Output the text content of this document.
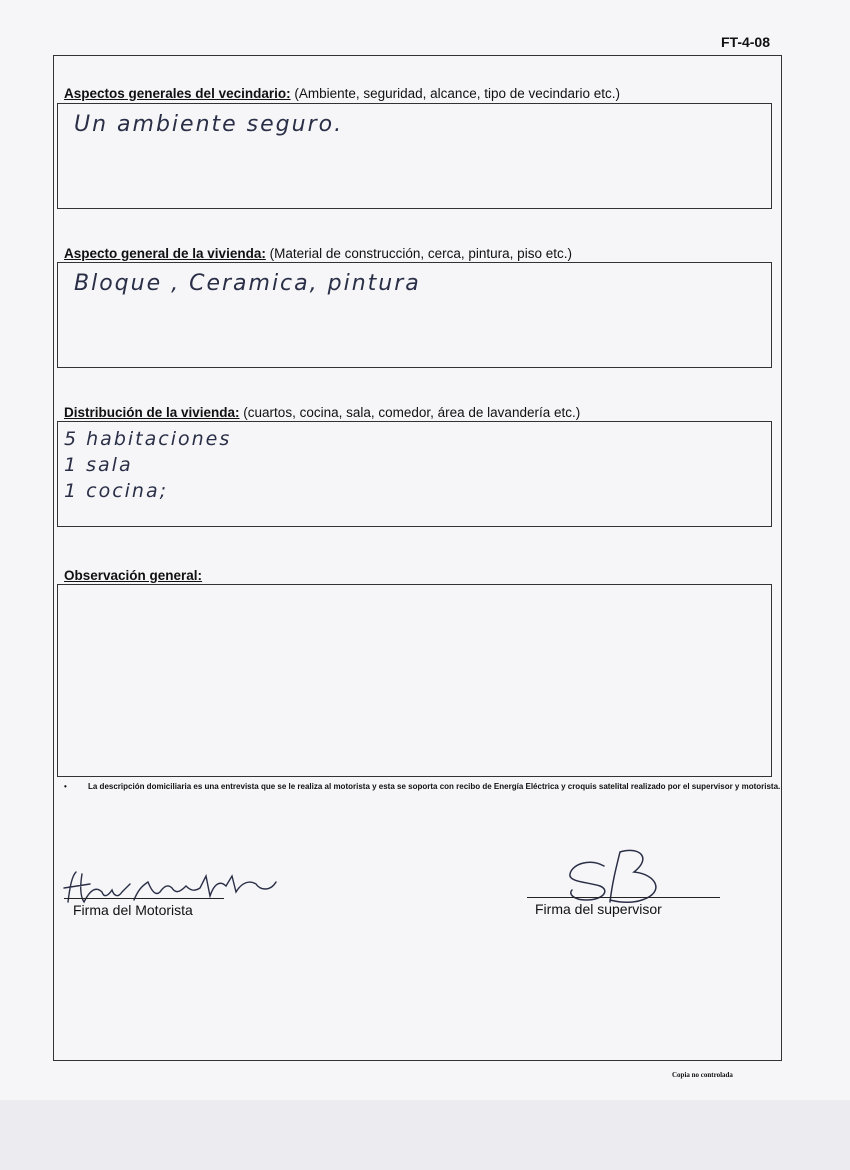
FT-4-08
Aspectos generales del vecindario: (Ambiente, seguridad, alcance, tipo de vecindario etc.)
Un ambiente seguro.
Aspecto general de la vivienda: (Material de construcción, cerca, pintura, piso etc.)
Bloque , Ceramica, pintura
Distribución de la vivienda: (cuartos, cocina, sala, comedor, área de lavandería etc.)
5 habitaciones
1 sala
1 cocina;
Observación general:
•	La descripción domiciliaria es una entrevista que se le realiza al motorista y esta se soporta con recibo de Energía Eléctrica y croquis satelital realizado por el supervisor y motorista.
Firma del Motorista	Firma del supervisor
Copia no controlada
